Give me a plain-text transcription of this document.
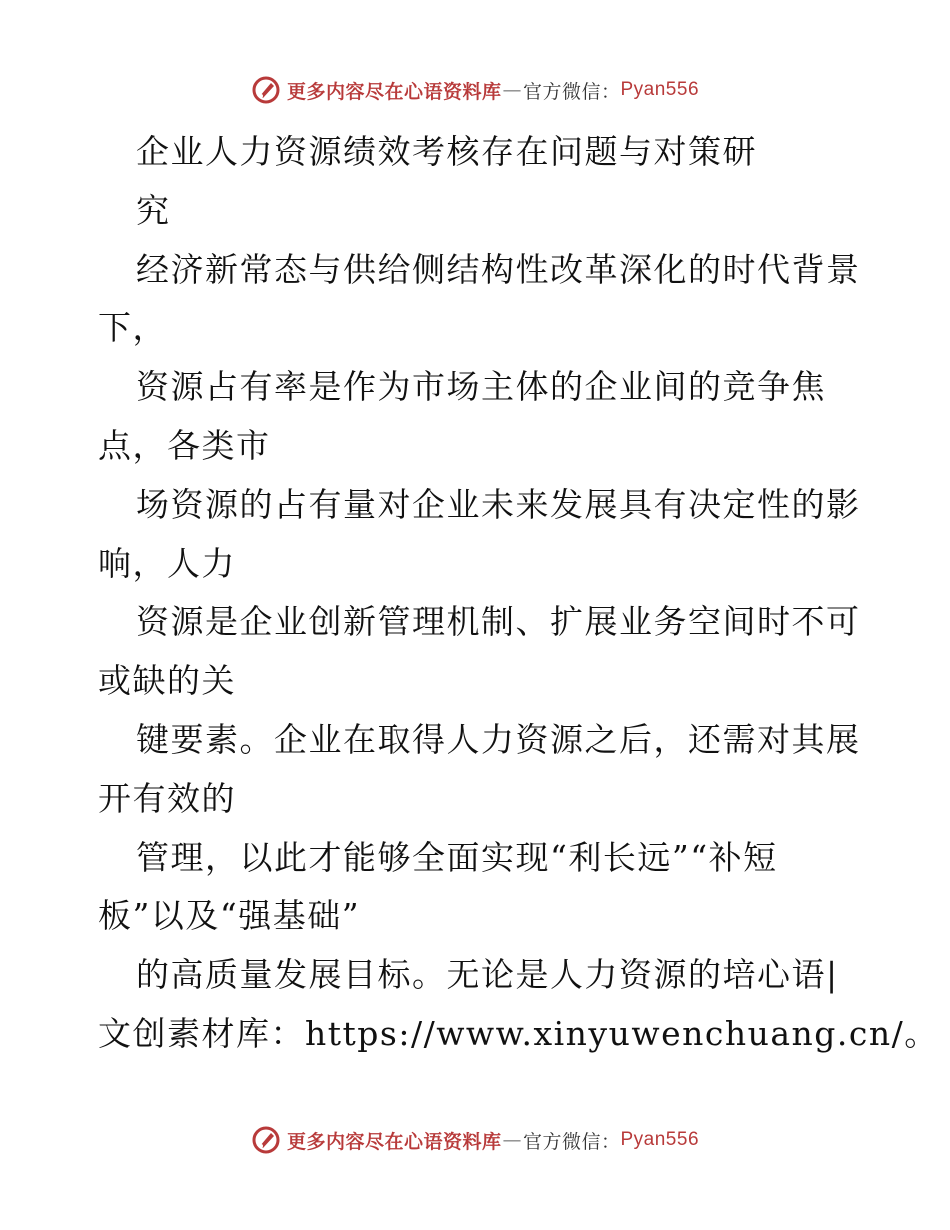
更多内容尽在心语资料库 — 官方微信： Pyan556
企业人力资源绩效考核存在问题与对策研
究
经济新常态与供给侧结构性改革深化的时代背景
下，
资源占有率是作为市场主体的企业间的竞争焦
点，各类市
场资源的占有量对企业未来发展具有决定性的影
响，人力
资源是企业创新管理机制、扩展业务空间时不可
或缺的关
键要素。企业在取得人力资源之后，还需对其展
开有效的
管理，以此才能够全面实现“利长远”“补短
板”以及“强基础”
的高质量发展目标。无论是人力资源的培心语|
文创素材库：https://www.xinyuwenchuang.cn/。
更多内容尽在心语资料库 — 官方微信： Pyan556
